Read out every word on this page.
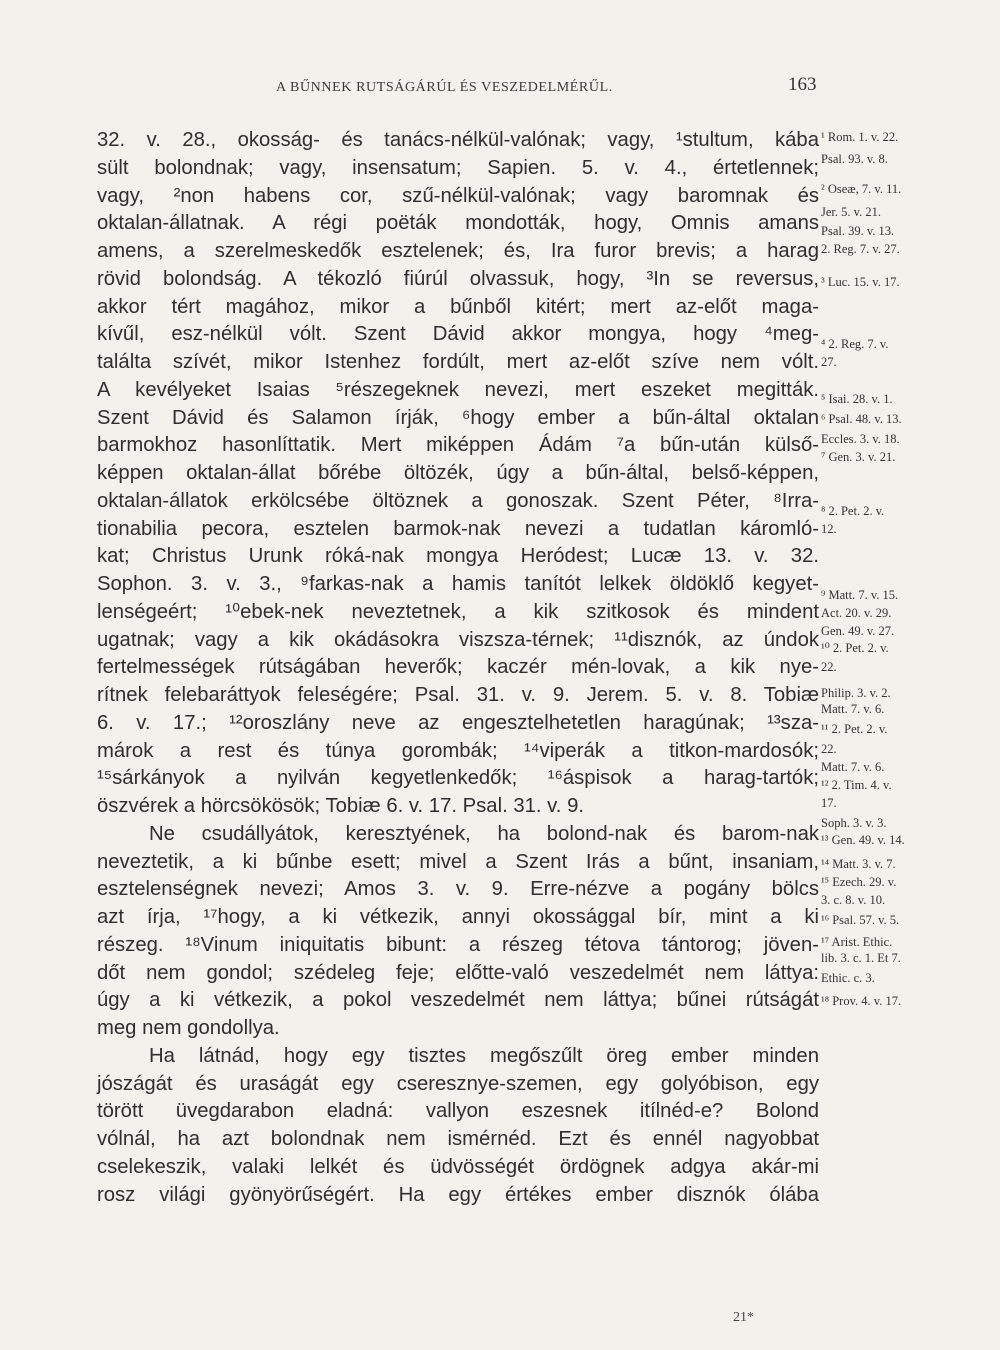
A BŰNNEK RUTSÁGÁRÚL ÉS VESZEDELMÉRŰL.	163
32. v. 28., okosság- és tanács-nélkül-valónak; vagy, ¹stultum, kába
sült bolondnak; vagy, insensatum; Sapien. 5. v. 4., értetlennek;
vagy, ²non habens cor, szű-nélkül-valónak; vagy baromnak és
oktalan-állatnak. A régi poëták mondották, hogy, Omnis amans
amens, a szerelmeskedők esztelenek; és, Ira furor brevis; a harag
rövid bolondság. A tékozló fiúrúl olvassuk, hogy, ³In se reversus,
akkor tért magához, mikor a bűnből kitért; mert az-előt maga-
kívűl, esz-nélkül vólt. Szent Dávid akkor mongya, hogy ⁴meg-
találta szívét, mikor Istenhez fordúlt, mert az-előt szíve nem vólt.
A kevélyeket Isaias ⁵részegeknek nevezi, mert eszeket megitták.
Szent Dávid és Salamon írják, ⁶hogy ember a bűn-által oktalan
barmokhoz hasonlíttatik. Mert miképpen Ádám ⁷a bűn-után külső-
képpen oktalan-állat bőrébe öltözék, úgy a bűn-által, belső-képpen,
oktalan-állatok erkölcsébe öltöznek a gonoszak. Szent Péter, ⁸Irra-
tionabilia pecora, esztelen barmok-nak nevezi a tudatlan káromló-
kat; Christus Urunk róká-nak mongya Heródest; Lucæ 13. v. 32.
Sophon. 3. v. 3., ⁹farkas-nak a hamis tanítót lelkek öldöklő kegyet-
lenségeért; ¹⁰ebek-nek neveztetnek, a kik szitkosok és mindent
ugatnak; vagy a kik okádásokra viszsza-térnek; ¹¹disznók, az úndok
fertelmességek rútságában heverők; kaczér mén-lovak, a kik nye-
rítnek felebaráttyok feleségére; Psal. 31. v. 9. Jerem. 5. v. 8. Tobiæ
6. v. 17.; ¹²oroszlány neve az engesztelhetetlen haragúnak; ¹³sza-
márok a rest és túnya gorombák; ¹⁴viperák a titkon-mardosók;
¹⁵sárkányok a nyilván kegyetlenkedők; ¹⁶áspisok a harag-tartók;
öszvérek a hörcsökösök; Tobiæ 6. v. 17. Psal. 31. v. 9.
Ne csudállyátok, keresztyének, ha bolond-nak és barom-nak
neveztetik, a ki bűnbe esett; mivel a Szent Irás a bűnt, insaniam,
esztelenségnek nevezi; Amos 3. v. 9. Erre-nézve a pogány bölcs
azt írja, ¹⁷hogy, a ki vétkezik, annyi okossággal bír, mint a ki
részeg. ¹⁸Vinum iniquitatis bibunt: a részeg tétova tántorog; jöven-
dőt nem gondol; szédeleg feje; előtte-való veszedelmét nem láttya:
úgy a ki vétkezik, a pokol veszedelmét nem láttya; bűnei rútságát
meg nem gondollya.
Ha látnád, hogy egy tisztes megőszűlt öreg ember minden
jószágát és uraságát egy cseresznye-szemen, egy golyóbison, egy
törött üvegdarabon eladná: vallyon eszesnek itílnéd-e? Bolond
vólnál, ha azt bolondnak nem ismérnéd. Ezt és ennél nagyobbat
cselekeszik, valaki lelkét és üdvösségét ördögnek adgya akár-mi
rosz világi gyönyörűségért. Ha egy értékes ember disznók ólába
¹ Rom. 1. v. 22.
Psal. 93. v. 8.
² Oseæ, 7. v. 11.
Jer. 5. v. 21.
Psal. 39. v. 13.
2. Reg. 7. v. 27.
³ Luc. 15. v. 17.
⁴ 2. Reg. 7. v.
27.
⁵ Isai. 28. v. 1.
⁶ Psal. 48. v. 13.
Eccles. 3. v. 18.
⁷ Gen. 3. v. 21.
⁸ 2. Pet. 2. v.
12.
⁹ Matt. 7. v. 15.
Act. 20. v. 29.
Gen. 49. v. 27.
¹⁰ 2. Pet. 2. v.
22.
Philip. 3. v. 2.
Matt. 7. v. 6.
¹¹ 2. Pet. 2. v.
22.
Matt. 7. v. 6.
¹² 2. Tim. 4. v.
17.
Soph. 3. v. 3.
¹³ Gen. 49. v. 14.
¹⁴ Matt. 3. v. 7.
¹⁵ Ezech. 29. v.
3. c. 8. v. 10.
¹⁶ Psal. 57. v. 5.
¹⁷ Arist. Ethic.
lib. 3. c. 1. Et 7.
Ethic. c. 3.
¹⁸ Prov. 4. v. 17.
21*
